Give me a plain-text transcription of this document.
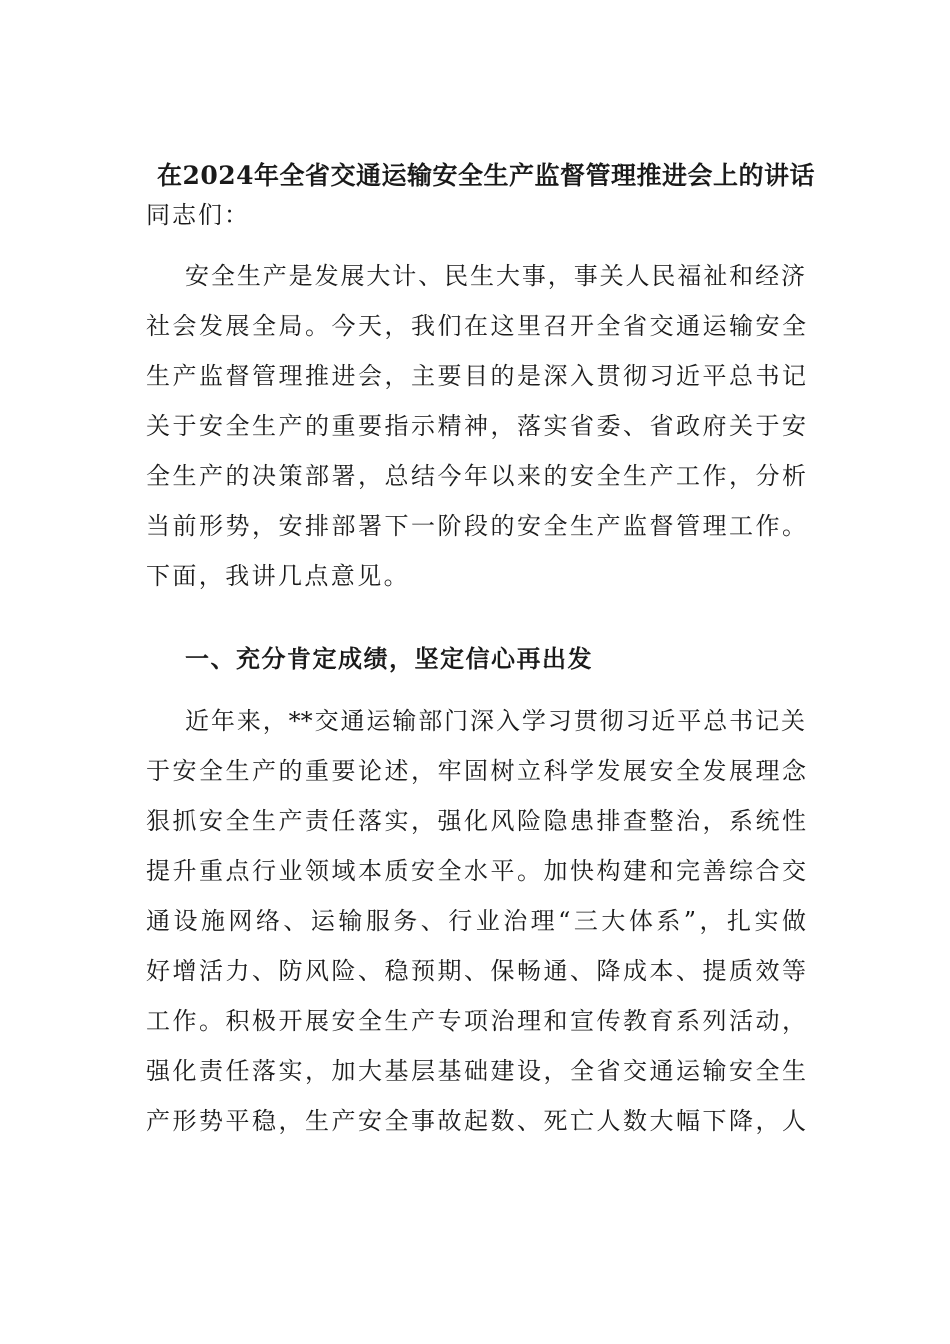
在2024年全省交通运输安全生产监督管理推进会上的讲话
同志们：
安全生产是发展大计、民生大事，事关人民福祉和经济
社会发展全局。今天，我们在这里召开全省交通运输安全
生产监督管理推进会，主要目的是深入贯彻习近平总书记
关于安全生产的重要指示精神，落实省委、省政府关于安
全生产的决策部署，总结今年以来的安全生产工作，分析
当前形势，安排部署下一阶段的安全生产监督管理工作。
下面，我讲几点意见。
一、充分肯定成绩，坚定信心再出发
近年来，**交通运输部门深入学习贯彻习近平总书记关
于安全生产的重要论述，牢固树立科学发展安全发展理念
狠抓安全生产责任落实，强化风险隐患排查整治，系统性
提升重点行业领域本质安全水平。加快构建和完善综合交
通设施网络、运输服务、行业治理“三大体系”，扎实做
好增活力、防风险、稳预期、保畅通、降成本、提质效等
工作。积极开展安全生产专项治理和宣传教育系列活动，
强化责任落实，加大基层基础建设，全省交通运输安全生
产形势平稳，生产安全事故起数、死亡人数大幅下降，人
